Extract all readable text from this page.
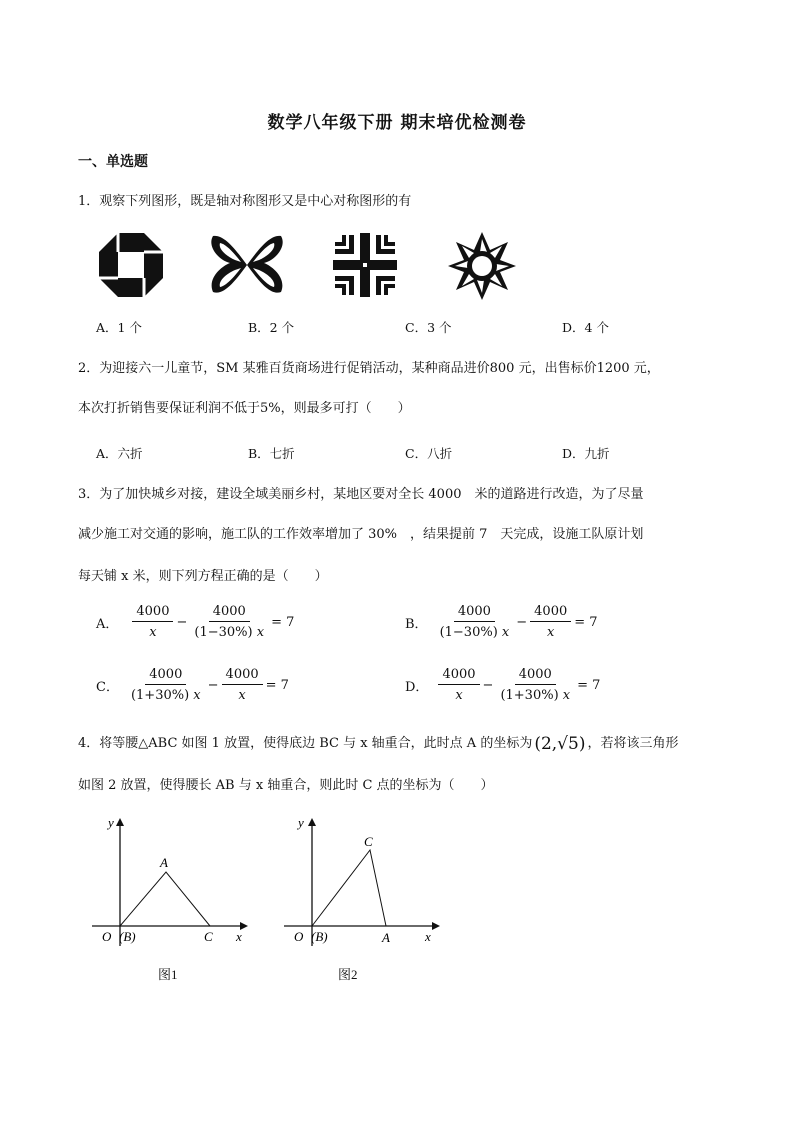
数学八年级下册 期末培优检测卷
一、单选题
1．观察下列图形，既是轴对称图形又是中心对称图形的有
A．1 个	B．2 个	C．3 个	D．4 个
2．为迎接六一儿童节，SM 某雅百货商场进行促销活动，某种商品进价800 元，出售标价1200 元，
本次打折销售要保证利润不低于5%，则最多可打（　　）
A．六折	B．七折	C．八折	D．九折
3．为了加快城乡对接，建设全域美丽乡村，某地区要对全长 4000　米的道路进行改造，为了尽量
减少施工对交通的影响，施工队的工作效率增加了 30%　，结果提前 7　天完成，设施工队原计划
每天铺 x 米，则下列方程正确的是（　　）
A． $\frac{4000}{x} - \frac{4000}{(1-30\%) x} = 7$	B． $\frac{4000}{(1-30\%) x} - \frac{4000}{x} = 7$
C． $\frac{4000}{(1+30\%) x} - \frac{4000}{x} = 7$	D． $\frac{4000}{x} - \frac{4000}{(1+30\%) x} = 7$
4．将等腰△ABC 如图 1 放置，使得底边 BC 与 x 轴重合，此时点 A 的坐标为 (2,√5) ，若将该三角形
如图 2 放置，使得腰长 AB 与 x 轴重合，则此时 C 点的坐标为（　　）
y
A
O (B)	C x
图1
y
C
O (B)	A	x
图2
